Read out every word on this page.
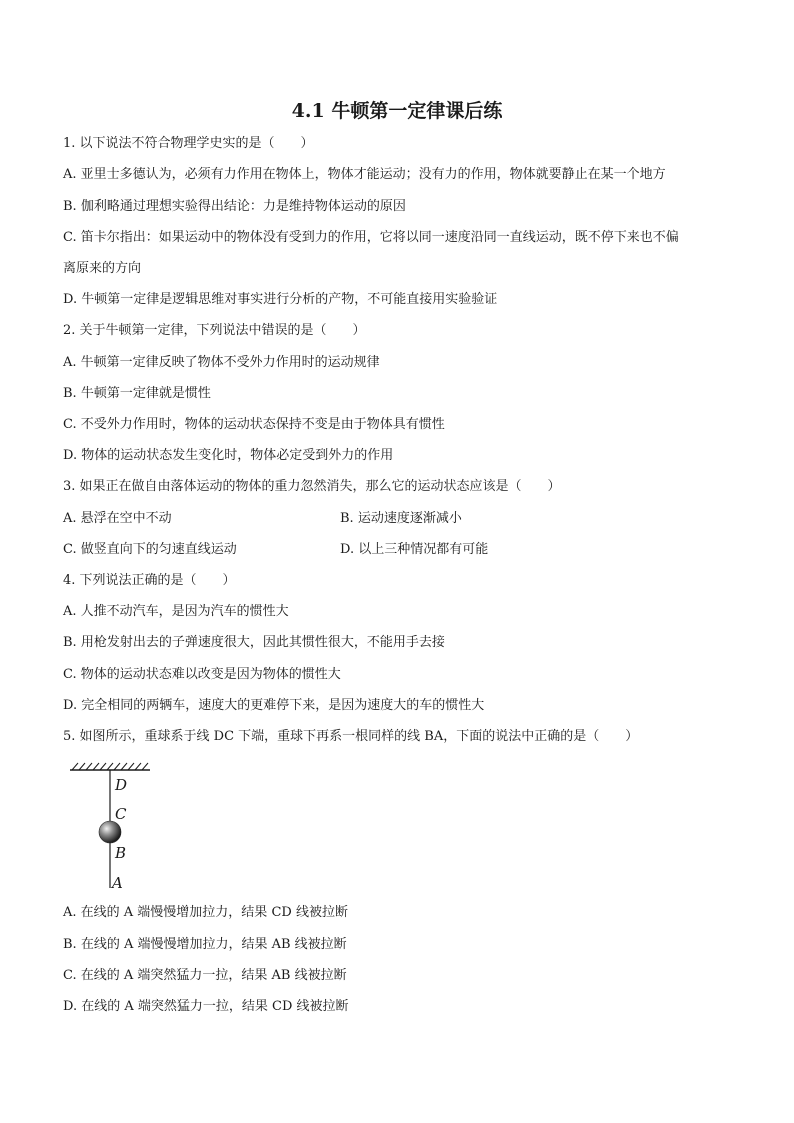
4.1 牛顿第一定律课后练

1. 以下说法不符合物理学史实的是（　　）

A. 亚里士多德认为，必须有力作用在物体上，物体才能运动；没有力的作用，物体就要静止在某一个地方

B. 伽利略通过理想实验得出结论：力是维持物体运动的原因

C. 笛卡尔指出：如果运动中的物体没有受到力的作用，它将以同一速度沿同一直线运动，既不停下来也不偏

离原来的方向

D. 牛顿第一定律是逻辑思维对事实进行分析的产物，不可能直接用实验验证

2. 关于牛顿第一定律，下列说法中错误的是（　　）

A. 牛顿第一定律反映了物体不受外力作用时的运动规律

B. 牛顿第一定律就是惯性

C. 不受外力作用时，物体的运动状态保持不变是由于物体具有惯性

D. 物体的运动状态发生变化时，物体必定受到外力的作用

3. 如果正在做自由落体运动的物体的重力忽然消失，那么它的运动状态应该是（　　）

A. 悬浮在空中不动	B. 运动速度逐渐减小

C. 做竖直向下的匀速直线运动	D. 以上三种情况都有可能

4. 下列说法正确的是（　　）

A. 人推不动汽车，是因为汽车的惯性大

B. 用枪发射出去的子弹速度很大，因此其惯性很大，不能用手去接

C. 物体的运动状态难以改变是因为物体的惯性大

D. 完全相同的两辆车，速度大的更难停下来，是因为速度大的车的惯性大

5. 如图所示，重球系于线 DC 下端，重球下再系一根同样的线 BA，下面的说法中正确的是（　　）

D
C
B
A

A. 在线的 A 端慢慢增加拉力，结果 CD 线被拉断

B. 在线的 A 端慢慢增加拉力，结果 AB 线被拉断

C. 在线的 A 端突然猛力一拉，结果 AB 线被拉断

D. 在线的 A 端突然猛力一拉，结果 CD 线被拉断
